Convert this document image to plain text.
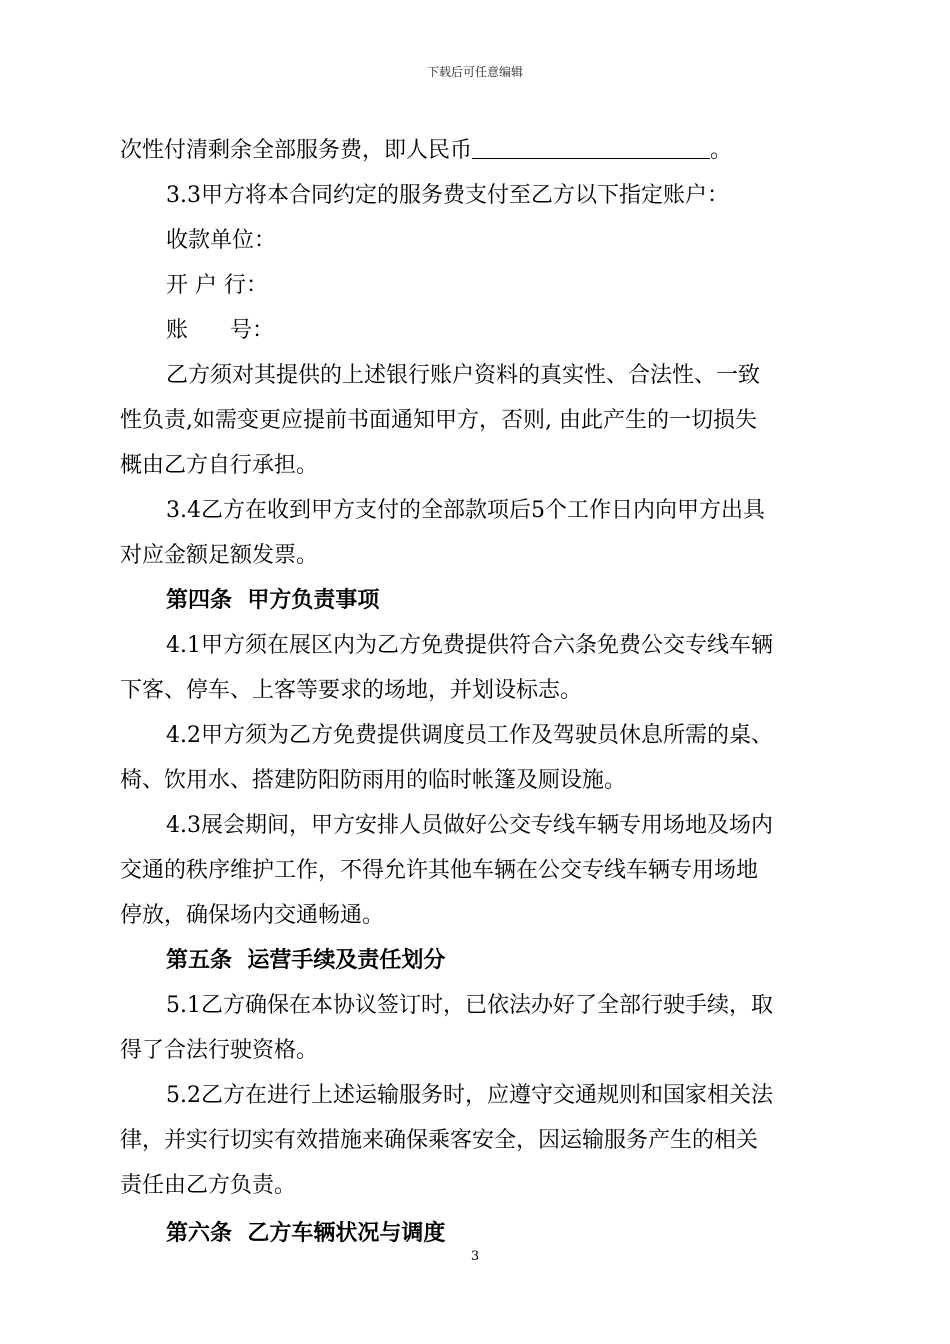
下载后可任意编辑
次性付清剩余全部服务费，即人民币	。
3.3甲方将本合同约定的服务费支付至乙方以下指定账户：
收款单位：
开 户 行：
账      号：
乙方须对其提供的上述银行账户资料的真实性、合法性、一致
性负责,如需变更应提前书面通知甲方，否则, 由此产生的一切损失
概由乙方自行承担。
3.4乙方在收到甲方支付的全部款项后5个工作日内向甲方出具
对应金额足额发票。
第四条  甲方负责事项
4.1甲方须在展区内为乙方免费提供符合六条免费公交专线车辆
下客、停车、上客等要求的场地，并划设标志。
4.2甲方须为乙方免费提供调度员工作及驾驶员休息所需的桌、
椅、饮用水、搭建防阳防雨用的临时帐篷及厕设施。
4.3展会期间，甲方安排人员做好公交专线车辆专用场地及场内
交通的秩序维护工作，不得允许其他车辆在公交专线车辆专用场地
停放，确保场内交通畅通。
第五条  运营手续及责任划分
5.1乙方确保在本协议签订时，已依法办好了全部行驶手续，取
得了合法行驶资格。
5.2乙方在进行上述运输服务时，应遵守交通规则和国家相关法
律，并实行切实有效措施来确保乘客安全，因运输服务产生的相关
责任由乙方负责。
第六条  乙方车辆状况与调度
3
